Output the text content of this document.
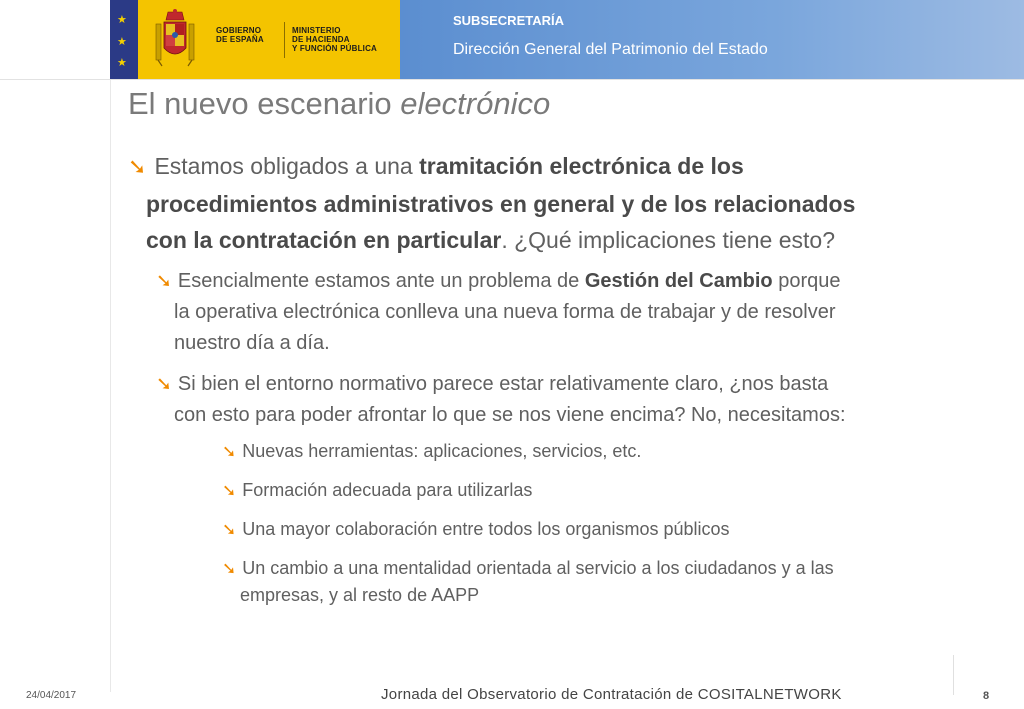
★
★
★
GOBIERNO
DE ESPAÑA
MINISTERIO
DE HACIENDA
Y FUNCIÓN PÚBLICA
SUBSECRETARÍA
Dirección General del Patrimonio del Estado
El nuevo escenario electrónico
➘ Estamos obligados a una tramitación electrónica de los
procedimientos administrativos en general y de los relacionados
con la contratación en particular. ¿Qué implicaciones tiene esto?
➘ Esencialmente estamos ante un problema de Gestión del Cambio porque
la operativa electrónica conlleva una nueva forma de trabajar y de resolver
nuestro día a día.
➘ Si bien el entorno normativo parece estar relativamente claro, ¿nos basta
con esto para poder afrontar lo que se nos viene encima? No, necesitamos:
➘ Nuevas herramientas: aplicaciones, servicios, etc.
➘ Formación adecuada para utilizarlas
➘ Una mayor colaboración entre todos los organismos públicos
➘ Un cambio a una mentalidad orientada al servicio a los ciudadanos y a las
empresas, y al resto de AAPP
24/04/2017	Jornada del Observatorio de Contratación de COSITALNETWORK	8
